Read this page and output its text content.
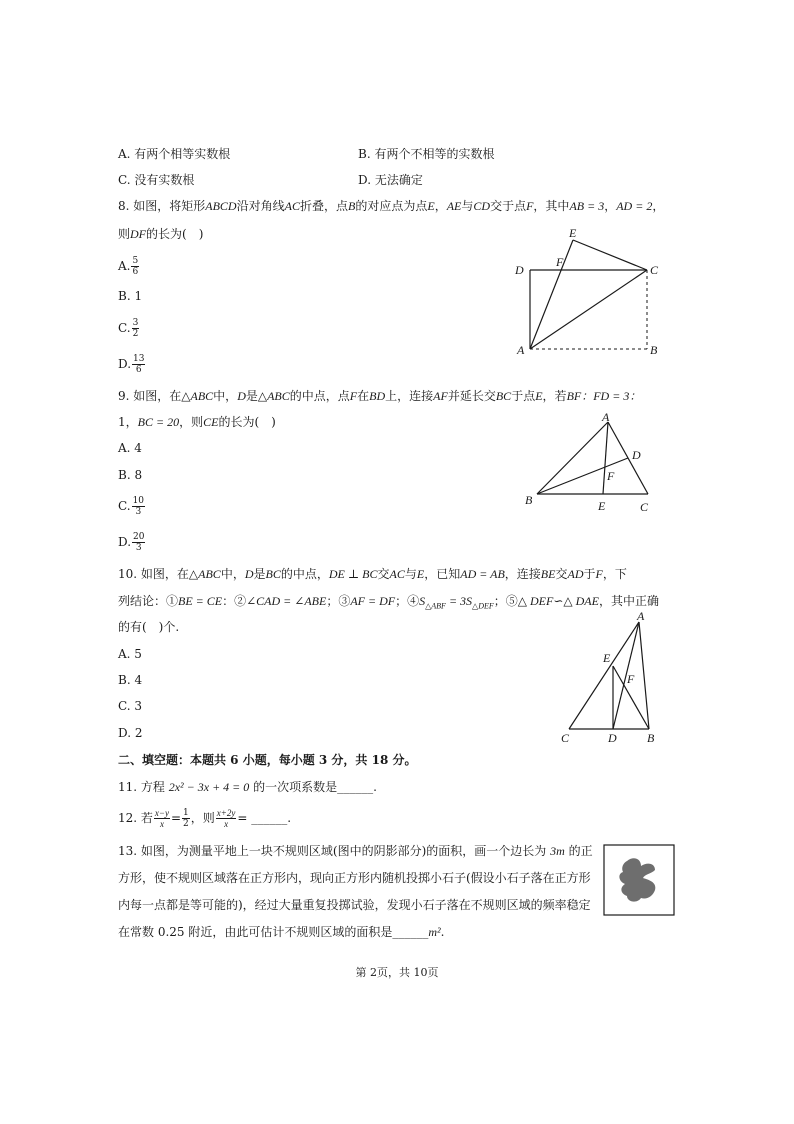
A. 有两个相等实数根	B. 有两个不相等的实数根
C. 没有实数根	D. 无法确定
8. 如图，将矩形ABCD沿对角线AC折叠，点B的对应点为点E，AE与CD交于点F，其中AB = 3，AD = 2，
则DF的长为(　)
A. $\frac{5}{6}$
B. 1
C. $\frac{3}{2}$
D. $\frac{13}{6}$
E
D
F
C
A	B
9. 如图，在△ABC中，D是△ABC的中点，点F在BD上，连接AF并延长交BC于点E，若BF：FD = 3：
1，BC = 20，则CE的长为(　)
A. 4
B. 8
C. $\frac{10}{3}$
D. $\frac{20}{3}$
A
D
F
B	E	C
10. 如图，在△ABC中，D是BC的中点，DE ⊥ BC交AC与E，已知AD = AB，连接BE交AD于F，下
列结论：①BE = CE：②∠CAD = ∠ABE；③AF = DF；$④S_{\triangle ABF} = 3S_{\triangle DEF}$；⑤△ DEF∽△ DAE，其中正确
的有(　)个.
A. 5
B. 4
C. 3
D. 2
A
E
F
C	D	B
二、填空题：本题共 6 小题，每小题 3 分，共 18 分。
11. 方程 2x² − 3x + 4 = 0 的一次项系数是______.
12. 若 $\frac{x-y}{x} = \frac{1}{2}$ ，则 $\frac{x+2y}{x}$ = ______.
13. 如图，为测量平地上一块不规则区域(图中的阴影部分)的面积，画一个边长为 3m 的正
方形，使不规则区域落在正方形内，现向正方形内随机投掷小石子(假设小石子落在正方形
内每一点都是等可能的)，经过大量重复投掷试验，发现小石子落在不规则区域的频率稳定
在常数 0.25 附近，由此可估计不规则区域的面积是______m².
第 2页，共 10页
